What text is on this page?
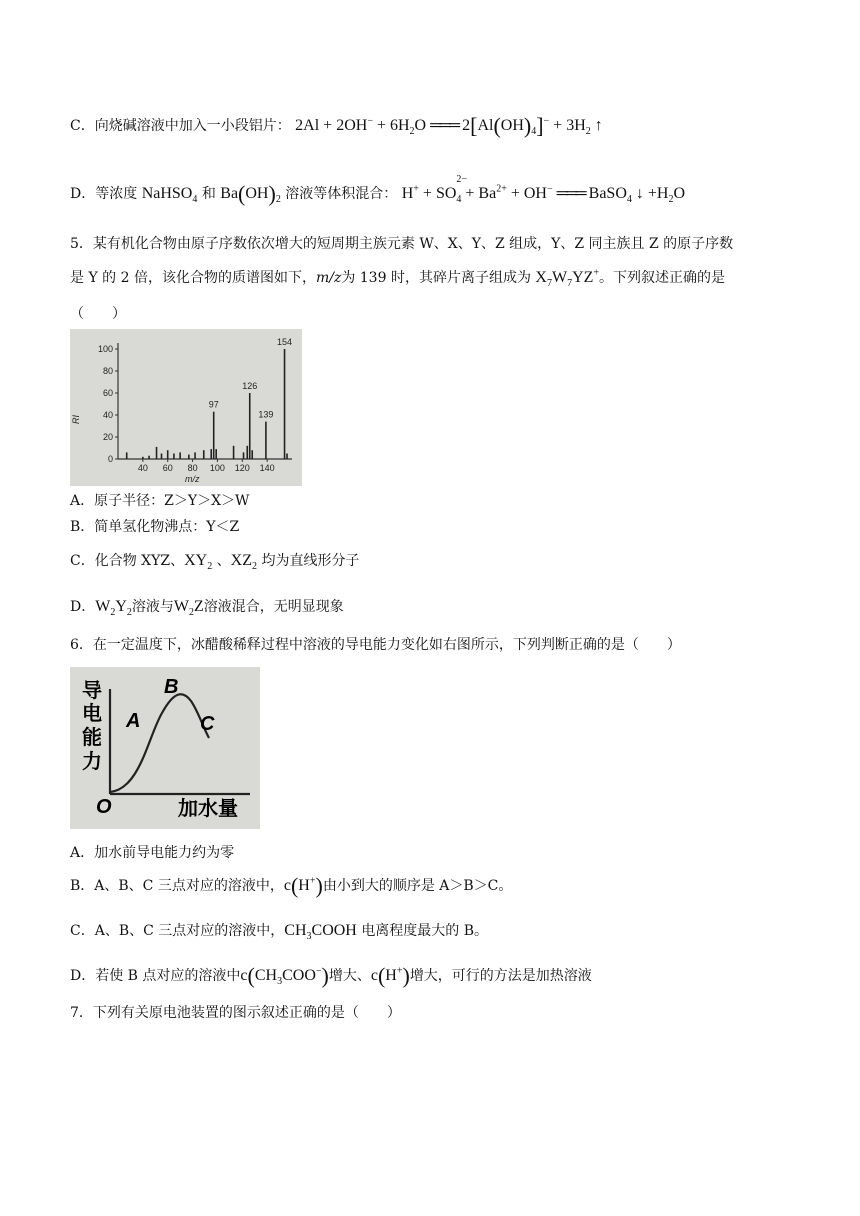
C．向烧碱溶液中加入一小段铝片： $2Al + 2OH^- + 6H_2O$ ═══ $2[Al(OH)_4]^- + 3H_2$ ↑
D．等浓度 NaHSO$_4$ 和 $Ba(OH)_2$ 溶液等体积混合： H+ + SO
$_{2- 4} + Ba^{2+} + OH^-$ ═══ BaSO$_4$ ↓ $+H_2O$
5．某有机化合物由原子序数依次增大的短周期主族元素 W、X、Y、Z 组成，Y、Z 同主族且 Z 的原子序数
是 Y 的 2 倍，该化合物的质谱图如下，m/z为 139 时，其碎片离子组成为 $X_7W_7YZ^+$。下列叙述正确的是
（　　）
40 60 80 100 120 140
0
20
40
60
80
100
m/z
RI
97
126
139
154
A．原子半径：Z＞Y＞X＞W
B．简单氢化物沸点：Y＜Z
C．化合物 XYZ、$XY_2$ 、$XZ_2$ 均为直线形分子
D．$W_2Y_2$溶液与$W_2Z$溶液混合，无明显现象
6．在一定温度下，冰醋酸稀释过程中溶液的导电能力变化如右图所示，下列判断正确的是（　　）
导
电
能
力
O
A
B
C
加水量
A．加水前导电能力约为零
B．A、B、C 三点对应的溶液中，c(H+)由小到大的顺序是 A＞B＞C。
C．A、B、C 三点对应的溶液中，$CH_3COOH$ 电离程度最大的 B。
D．若使 B 点对应的溶液中$c(CH_3COO^-)$增大、c(H+)增大，可行的方法是加热溶液
7．下列有关原电池装置的图示叙述正确的是（　　）
